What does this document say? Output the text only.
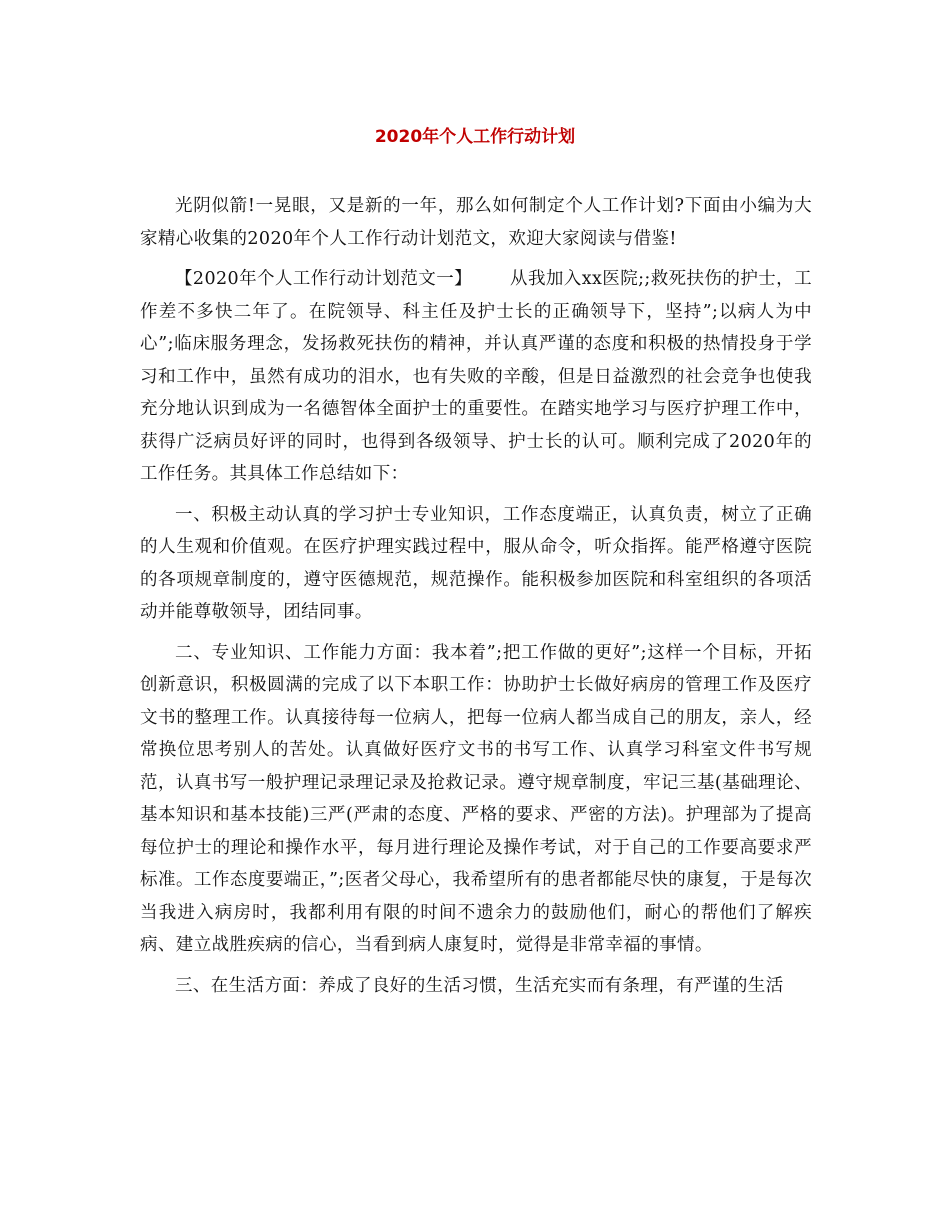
2020年个人工作行动计划

光阴似箭!一晃眼，又是新的一年，那么如何制定个人工作计划?下面由小编为大家精心收集的2020年个人工作行动计划范文，欢迎大家阅读与借鉴!

【2020年个人工作行动计划范文一】 从我加入xx医院;;救死扶伤的护士，工作差不多快二年了。在院领导、科主任及护士长的正确领导下，坚持”;以病人为中心”;临床服务理念，发扬救死扶伤的精神，并认真严谨的态度和积极的热情投身于学习和工作中，虽然有成功的泪水，也有失败的辛酸，但是日益激烈的社会竞争也使我充分地认识到成为一名德智体全面护士的重要性。在踏实地学习与医疗护理工作中，获得广泛病员好评的同时，也得到各级领导、护士长的认可。顺利完成了2020年的工作任务。其具体工作总结如下：

一、积极主动认真的学习护士专业知识，工作态度端正，认真负责，树立了正确的人生观和价值观。在医疗护理实践过程中，服从命令，听众指挥。能严格遵守医院的各项规章制度的，遵守医德规范，规范操作。能积极参加医院和科室组织的各项活动并能尊敬领导，团结同事。

二、专业知识、工作能力方面：我本着”;把工作做的更好”;这样一个目标，开拓创新意识，积极圆满的完成了以下本职工作：协助护士长做好病房的管理工作及医疗文书的整理工作。认真接待每一位病人，把每一位病人都当成自己的朋友，亲人，经常换位思考别人的苦处。认真做好医疗文书的书写工作、认真学习科室文件书写规范，认真书写一般护理记录理记录及抢救记录。遵守规章制度，牢记三基(基础理论、基本知识和基本技能)三严(严肃的态度、严格的要求、严密的方法)。护理部为了提高每位护士的理论和操作水平，每月进行理论及操作考试，对于自己的工作要高要求严标准。工作态度要端正，”;医者父母心，我希望所有的患者都能尽快的康复，于是每次当我进入病房时，我都利用有限的时间不遗余力的鼓励他们，耐心的帮他们了解疾病、建立战胜疾病的信心，当看到病人康复时，觉得是非常幸福的事情。

三、在生活方面：养成了良好的生活习惯，生活充实而有条理，有严谨的生活
